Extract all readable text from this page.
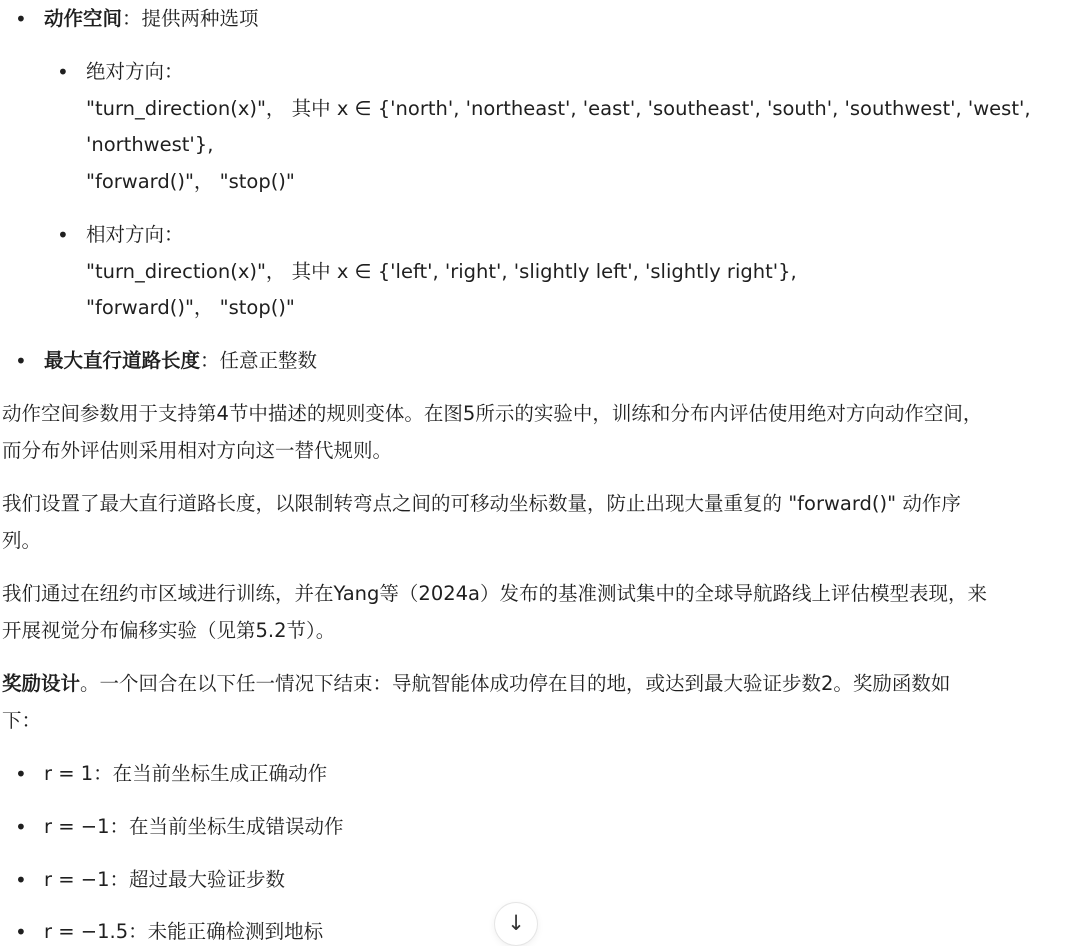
• 动作空间：提供两种选项
• 绝对方向：
"turn_direction(x)"， 其中 x ∈ {'north', 'northeast', 'east', 'southeast', 'south', 'southwest', 'west',
'northwest'},
"forward()"， "stop()"
• 相对方向：
"turn_direction(x)"， 其中 x ∈ {'left', 'right', 'slightly left', 'slightly right'},
"forward()"， "stop()"
• 最大直行道路长度：任意正整数
动作空间参数用于支持第4节中描述的规则变体。在图5所示的实验中，训练和分布内评估使用绝对方向动作空间，
而分布外评估则采用相对方向这一替代规则。
我们设置了最大直行道路长度，以限制转弯点之间的可移动坐标数量，防止出现大量重复的 "forward()" 动作序
列。
我们通过在纽约市区域进行训练，并在Yang等（2024a）发布的基准测试集中的全球导航路线上评估模型表现，来
开展视觉分布偏移实验（见第5.2节）。
奖励设计。一个回合在以下任一情况下结束：导航智能体成功停在目的地，或达到最大验证步数2。奖励函数如
下：
• r = 1：在当前坐标生成正确动作
• r = −1：在当前坐标生成错误动作
• r = −1：超过最大验证步数
• r = −1.5：未能正确检测到地标	↓
